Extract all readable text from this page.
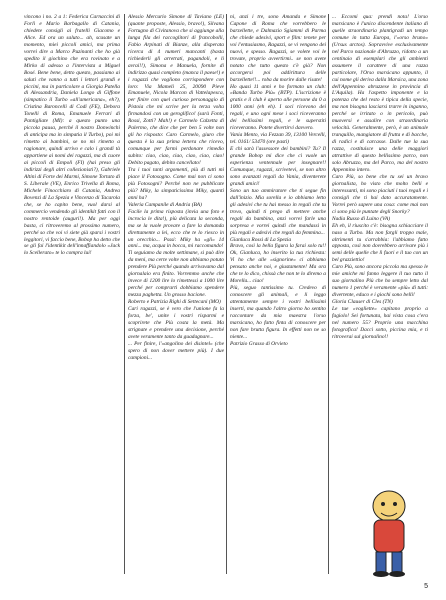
vincono i no. 2 a 1: Federica Carnaccini di Forlì e Mario Barbagallo di Catania, chiedete consigli ai fratelli Giacomo e Alice. Ed ora un saluto... ah, scusate un momento, miei piccoli amici, ma prima vorrei dire a Marco Puzinanti che ho già spedito il giochino che era rovinato e a Mirko di adesso a l'intervista a Miguel Bosé. Bene bene, detto questo, passiamo ai saluti che vanno a tutti i lettori grandi e piccini, ma in particolare a Giorgia Patella di Alessandria, Daniela Longo di Giffone (simpatico il Turbo «all'americana», eh?), Cristina Baroncelli di Codi (FE), Debora Tonelli di Roma, Emanuele Ferrari di Pantigliate (MI): a questo punto una piccola pausa, perché il nostro Donwinchi di anticipa ma in simpatia il Turbo), poi mi rimetto ai bambini, se no mi rimetto a ragionare, quindi arrivo e calo i grandi tà appartiene ai nomi dei ragazzi, ma di cuore ai piccoli di Empoli (FI) (hai preso gli indirizzi degli altri collezionisti?), Gabriele Altini di Forte dei Marmi, Simone Tortato di S. Liberale (VE), Enrico Trivella di Roma, Michele Finocchiaro di Catania, Andrea Bovenzi di La Spezia e Vincenzo di Tacarola che, se ho capito bene, vuol darsi al commercio vendendo gli identikit fatti con il nostro rentoide (auguri!). Ma per oggi basta, ci ritroveremo al prossimo numero, perché so che voi vi siete già sparsi i vostri leggitori, vi faccio bene, Bobop ha detto che se gli fai l'identikit dell'innaffiandolo «Jack lo Scellerato» te lo compra lui!

Alessio Mercurio Simone di Taviano (LE) (quante proposte, Alessio, bravo!), Silvana Fortugno di Civitanova che si aggiunge alla lunga fila dei raccoglitori di francobolli, Fabio Arpinati di Bianze, alla disperata ricerca di 4 numeri mancanti (basta richiederli gli arretrati, pagandoli, e li avrai!!), Simona e Manuela, fornite di indirizzo quasi completo (manca il paese!) e i ragazzi che vogliono corrispondere con loro: Via Mameli 25, 20090 Pieve Emanuele, Nicola Marcon di Vattelapesca, per finire con quel curioso personaggio di Pistoia che mi scrive per la terza volta firmandosi con un geroglifico! (sarà Fonti, Rossi, Zotti? Mah!) e Carmelo Calzetta di Palermo, che dice che per ben 5 volte non gli ho risposto: Caro Carmelo, giuro che questa è la sua prima lettera che ricevo, comunque per farmi perdonare rimedio subito: ciao, ciao, ciao, ciao, ciao, ciao! Debito pagato, debito cancellato!

Tra i tuoi tanti argomenti, più di tutti mi piace il Fotosogno. Come mai non ci sono più Fotosogni? Perché non ne pubblicate più? Miky, la simpaticissima Miky, quanti anni ha?

Valeria Campanile di Andria (BA)

Facile la prima risposta (invia una foto e incrocia le dita!), più delicata la seconda, ma se la vuole provare a fare la domanda direttamente a lei, ecco che te lo riesco in un orecchio... Psssi: Miky ha «gli» 14 anni... ma, acqua in bocca, mi raccomando!

Ti seguiamo da molte settimane, si può dire da meni, ma certe volte non abbiamo potuto prendere Più perché quando arrivavamo dal giornalaio era finito. Vorremmo anche che invece di 1200 lire lo rimettessi a 1000 lire perché per comprarti dobbiamo spendere mezza paghetta. Un grosso bacione.

Roberto e Patrizia Righi di Settecani (MO)

Cari ragazzi, se è vero che l'unione fa la forza, be', unite i vostri risparmi e scoprirete che Più costa la metà. Ma strignate e prendere una decisione, perché avete veramente tanto da guadagnare...

... Per finire, l'«angolino dei disintel» (che spero di non dover mettere più). I due campioni...

ni, anzi i tre, sono Amanda e Simone Capone di Roma che vorrebbero le barzellette, e Dalmazio Sgiammi di Parma che chiede adesivi, sport e film: tenete per voi l'entusiasmo, Ragazzi, se vi vengono dei nuovi, e spesso. Ragazzi, se volete voi le trovate, proprio avvertirmi.. se non avete notato che tutto questo c'è già? Non accorgersi poi addirittura delle barzellette!!... roba da morire dalle risate!

Ho quasi 11 anni e ho formato un club: «Banda Turbo Più» (BTP). L'iscrizione è gratis e il club è aperto alle persone da 0 a 1000 anni (eh eh). I soci ricevono dei regali, e uno ogni mese i soci riceveranno dei bellissimi regali, e le superstiti riceveranno. Potete divertirvi davvero.

Vania Mento, via Fezzan 39, 13100 Vercelli, tel. 0161/ 53470 (ore pasti)

E chi sarà l'assessore dei bambini? Tu? Il grande Bobop mi dice che ci vuole un esperienza ventennale per insegnare!! Comunque, ragazzi, scrivetevi, se non altro sono avanzati regali da Vania, diventerete grandi amici!

Sono un tuo ammiratore che ti segue fin dall'inizio. Mia sorella e io abbiamo letto gli adesivi che tu hai messo in regali che tu trovo, quindi ti prego di mettere anche regali da bambina, anzi vorrei farle una sorpresa e vorrei quindi che mandassi in più regali e adesivi che regali da femmina...

Gianluca Rossi di La Spezia

Bravo, così la bella figura la farai solo tu!! Ok, Gianluca, ho inserito la tua richiesta: Vi ho che alle «signorine» ci abbiamo pensato anche noi, e giustamente! Ma ora che te lo dico, chissà che non te lo diremo a Morella... ciao!

Più, seguo tantissimo tu. Credevo di conoscere gli animali, e li leggo attentamente sempre i vostri bellissimi inserti, ma quando l'altro giorno ho sentito raccontare da mia maestra l'orso marsicano, ho fatto finta di conoscere per non fare brutta figura. In effetti non ne so niente...

Patrizio Grasso di Orvieto

... Eccomi qua: prendi nota! L'orso marsicano è l'unico discendente italiano di quelle straordinaria plantigradi un tempo comune in tutta Europa, l'«orso bruno» (Ursus arctos). Sopravvive esclusivamente nel Parco nazionale d'Abruzzo, ridotto a un centinaio di esemplari che gli ambienti assumere il carattere di una razza particolare, l'Orso marsicano appunto, il cui nome gli deriva dalla Marsica, una zona dell'Appennino abruzzese in provincia di L'Aquila). Ha l'aspetto imponente e la potenza che del resto è tipica della specie, ma non bisogna lasciarsi trarre in inganno, perché se irritato o in pericolo, può muoversi e assalire con straordinaria velocità. Generalmente, però, è un animale tranquillo, mangiatore di frutta e di bacche, di radici e di carcasse. Dalle tue la sua razza, costituisce una delle maggiori attrattive di questo bellissimo parco, non solo Abruzzo, ma del Parco, ma del nostro Appennino intero.

Caro Più, so bene che tu sei un bravo giornalista, ho visto che molto belli e interessanti, mi sono piaciuti i tuoi regali e i consigli che ti hai dato accuratamente. Vorrei però sapere una cosa: come mai non ci sono più le puntate degli Snorky?

Nadia Russo di Luino (VA)

Eh eh, il riuscito c'è: bisogna schiacciare il naso a Turbo. Ma non fargli troppo male, altrimenti tu s'arrabbia: l'abbiamo fatto apposta, così non dovrebbero arrivare più i semi delle quelle che lì fuori e il tuo con un bel grazziettio!

Caro Più, sono ancora piccola ma spesso le mie amiche mi fanno leggere il tuo tutto il suo giornalino Più che ho sempre letto dal numero 1 perché è veramente «più» di tutti: divertente, educo e i giochi sono belli!

Gloria Clauser di Cles (TN)

Le tue «vogliette» capitano proprio a fagiolo! Sei fortunata, hai vista cosa c'era nel numero 55? Proprio una macchina fotografica! Dacci sotto, piccina mia, e ti ritroverai sul giornalino!!

5
